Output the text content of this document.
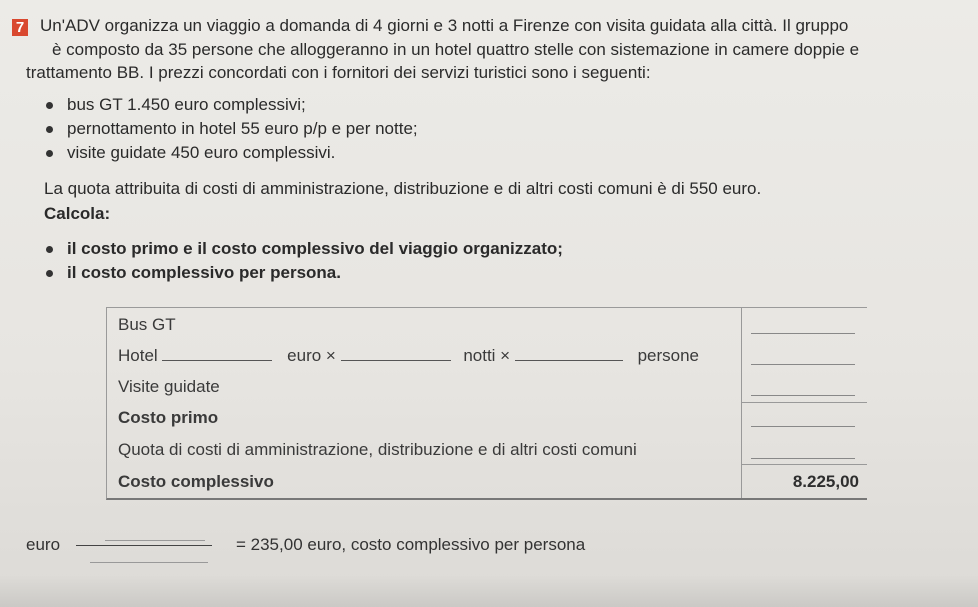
7 Un'ADV organizza un viaggio a domanda di 4 giorni e 3 notti a Firenze con visita guidata alla città. Il gruppo
è composto da 35 persone che alloggeranno in un hotel quattro stelle con sistemazione in camere doppie e
trattamento BB. I prezzi concordati con i fornitori dei servizi turistici sono i seguenti:
bus GT 1.450 euro complessivi;
pernottamento in hotel 55 euro p/p e per notte;
visite guidate 450 euro complessivi.
La quota attribuita di costi di amministrazione, distribuzione e di altri costi comuni è di 550 euro.
Calcola:
il costo primo e il costo complessivo del viaggio organizzato;
il costo complessivo per persona.
Bus GT
Hotel	euro ×	notti ×	persone
Visite guidate
Costo primo
Quota di costi di amministrazione, distribuzione e di altri costi comuni
Costo complessivo	8.225,00
euro	= 235,00 euro, costo complessivo per persona
